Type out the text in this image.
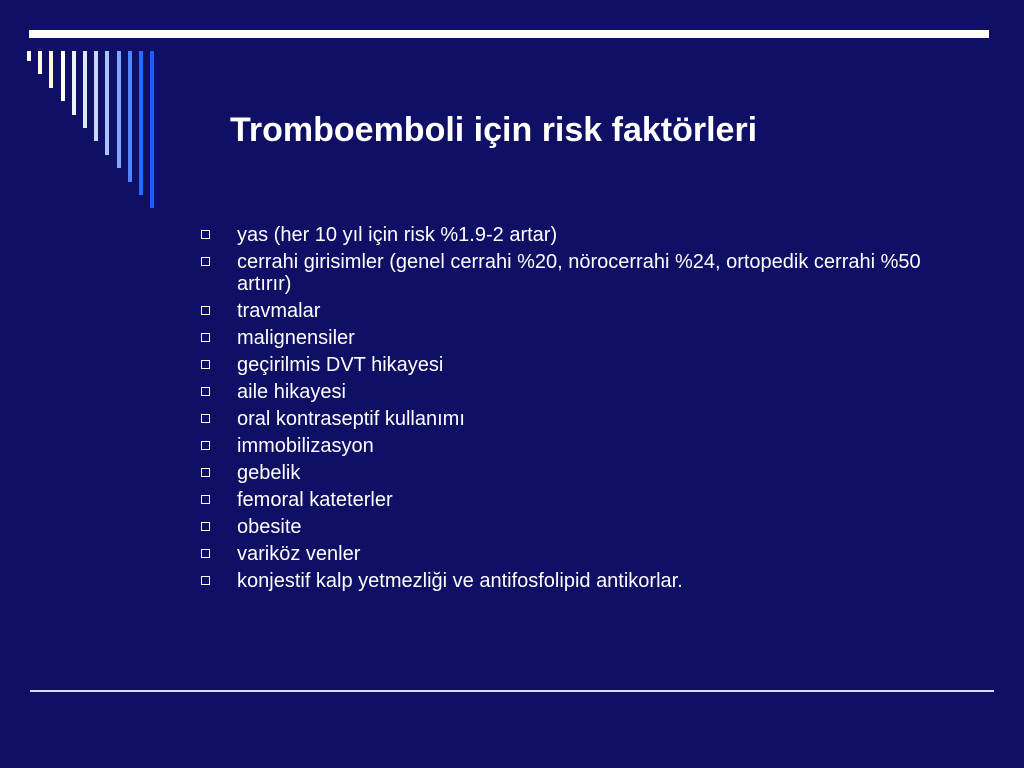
Tromboemboli için risk faktörleri
yas (her 10 yıl için risk %1.9-2 artar)
cerrahi girisimler (genel cerrahi %20, nörocerrahi %24, ortopedik cerrahi %50 artırır)
travmalar
malignensiler
geçirilmis DVT hikayesi
aile hikayesi
oral kontraseptif kullanımı
immobilizasyon
gebelik
femoral kateterler
obesite
variköz venler
konjestif kalp yetmezliği ve antifosfolipid antikorlar.
